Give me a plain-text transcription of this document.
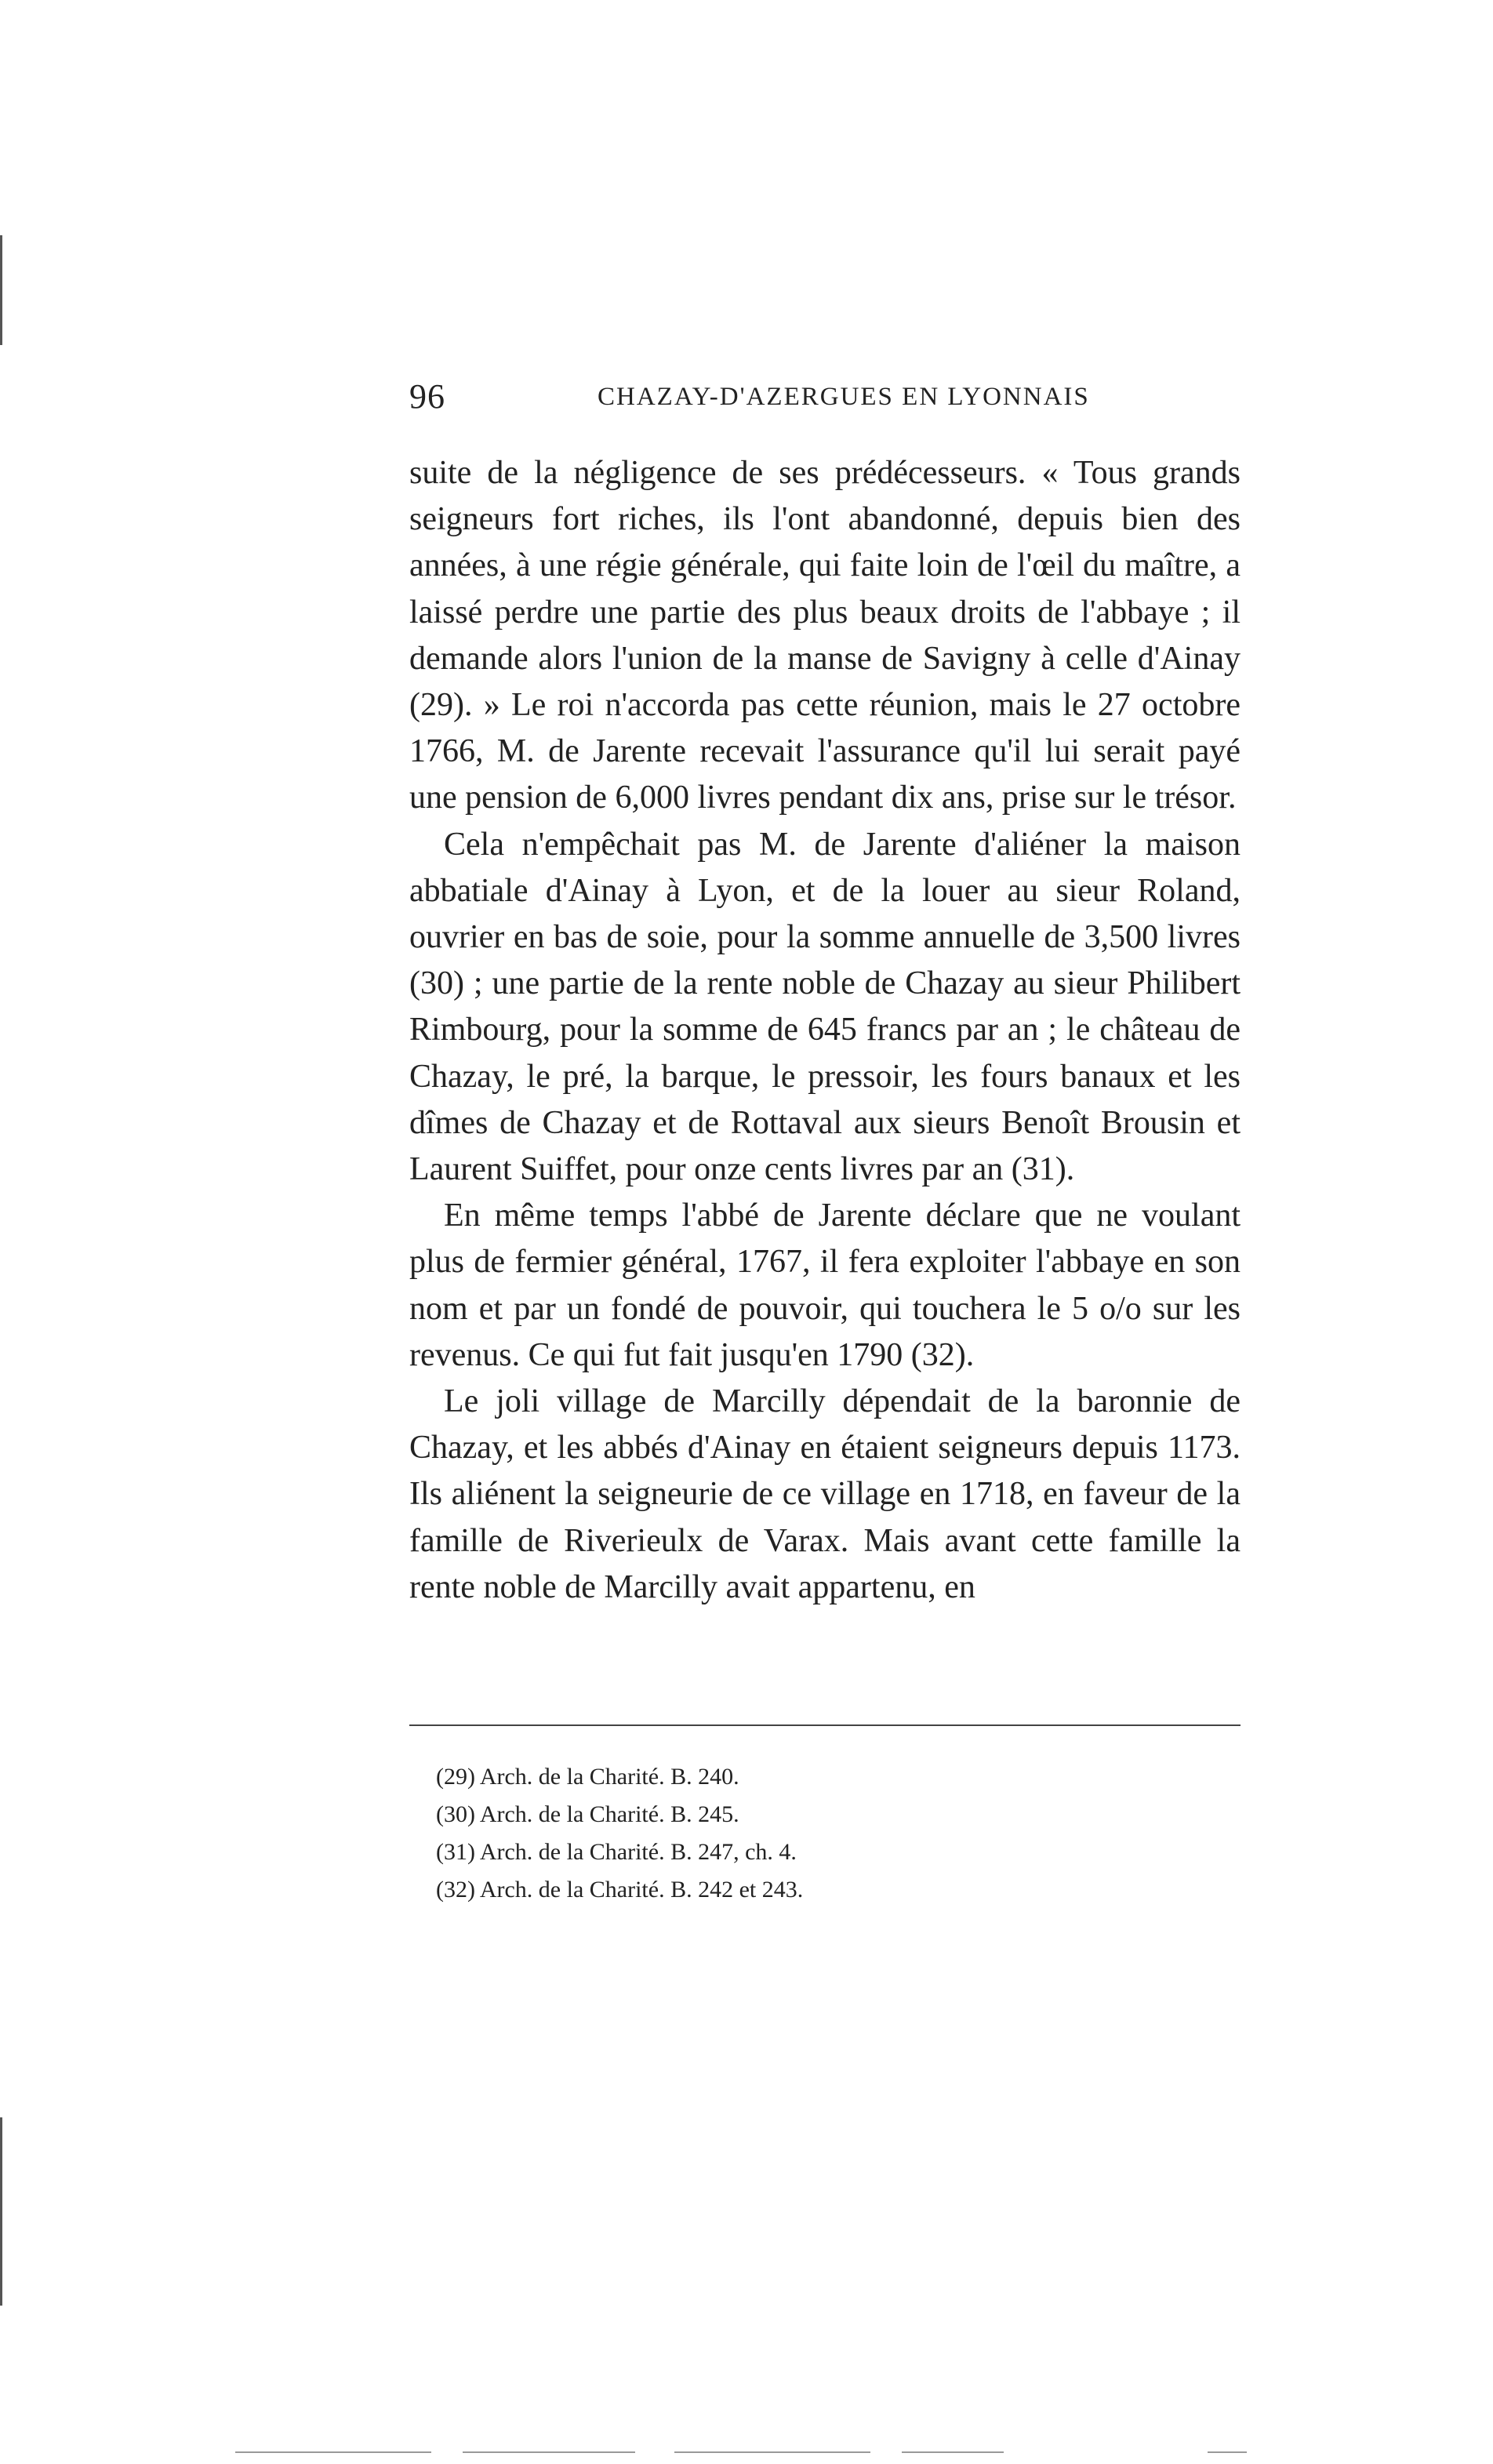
96	CHAZAY-D'AZERGUES EN LYONNAIS

suite de la négligence de ses prédécesseurs. « Tous grands seigneurs fort riches, ils l'ont abandonné, depuis bien des années, à une régie générale, qui faite loin de l'œil du maître, a laissé perdre une partie des plus beaux droits de l'abbaye ; il demande alors l'union de la manse de Savigny à celle d'Ainay (29). » Le roi n'accorda pas cette réunion, mais le 27 octobre 1766, M. de Jarente recevait l'assurance qu'il lui serait payé une pension de 6,000 livres pendant dix ans, prise sur le trésor.

Cela n'empêchait pas M. de Jarente d'aliéner la maison abbatiale d'Ainay à Lyon, et de la louer au sieur Roland, ouvrier en bas de soie, pour la somme annuelle de 3,500 livres (30) ; une partie de la rente noble de Chazay au sieur Philibert Rimbourg, pour la somme de 645 francs par an ; le château de Chazay, le pré, la barque, le pressoir, les fours banaux et les dîmes de Chazay et de Rottaval aux sieurs Benoît Brousin et Laurent Suiffet, pour onze cents livres par an (31).

En même temps l'abbé de Jarente déclare que ne voulant plus de fermier général, 1767, il fera exploiter l'abbaye en son nom et par un fondé de pouvoir, qui touchera le 5 o/o sur les revenus. Ce qui fut fait jusqu'en 1790 (32).

Le joli village de Marcilly dépendait de la baronnie de Chazay, et les abbés d'Ainay en étaient seigneurs depuis 1173. Ils aliénent la seigneurie de ce village en 1718, en faveur de la famille de Riverieulx de Varax. Mais avant cette famille la rente noble de Marcilly avait appartenu, en

(29) Arch. de la Charité. B. 240.

(30) Arch. de la Charité. B. 245.

(31) Arch. de la Charité. B. 247, ch. 4.

(32) Arch. de la Charité. B. 242 et 243.
